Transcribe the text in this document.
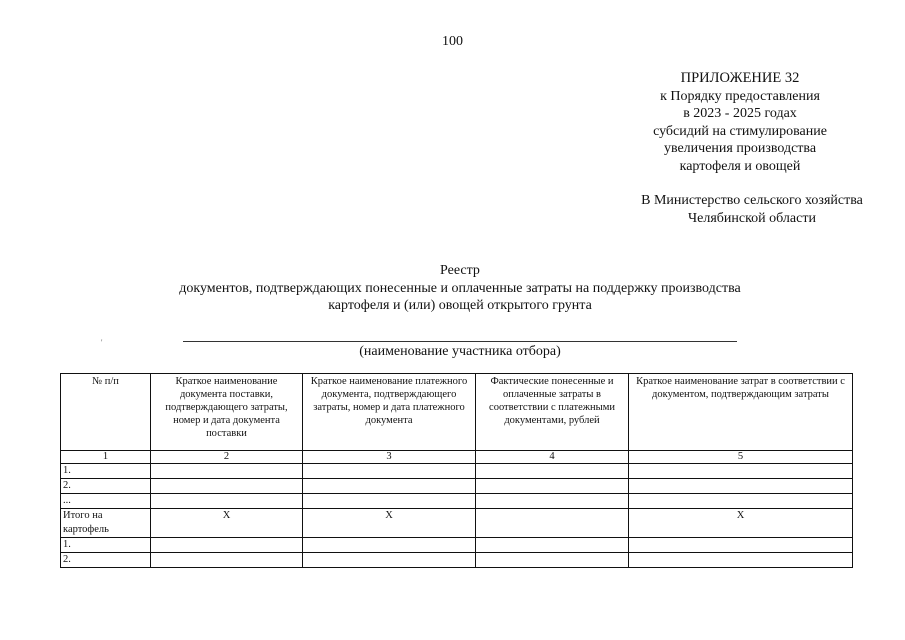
100
ПРИЛОЖЕНИЕ 32
к Порядку предоставления
в 2023 - 2025 годах
субсидий на стимулирование
увеличения производства
картофеля и овощей
В Министерство сельского хозяйства
Челябинской области
Реестр
документов, подтверждающих понесенные и оплаченные затраты на поддержку производства
картофеля и (или) овощей открытого грунта
'
(наименование участника отбора)
№ п/п	Краткое наименование документа поставки, подтверждающего затраты, номер и дата документа поставки	Краткое наименование платежного документа, подтверждающего затраты, номер и дата платежного документа	Фактические понесенные и оплаченные затраты в соответствии с платежными документами, рублей	Краткое наименование затрат в соответствии с документом, подтверждающим затраты
1	2	3	4	5
1.				
2.				
...				
Итого на картофель	X	X		X
1.				
2.				
